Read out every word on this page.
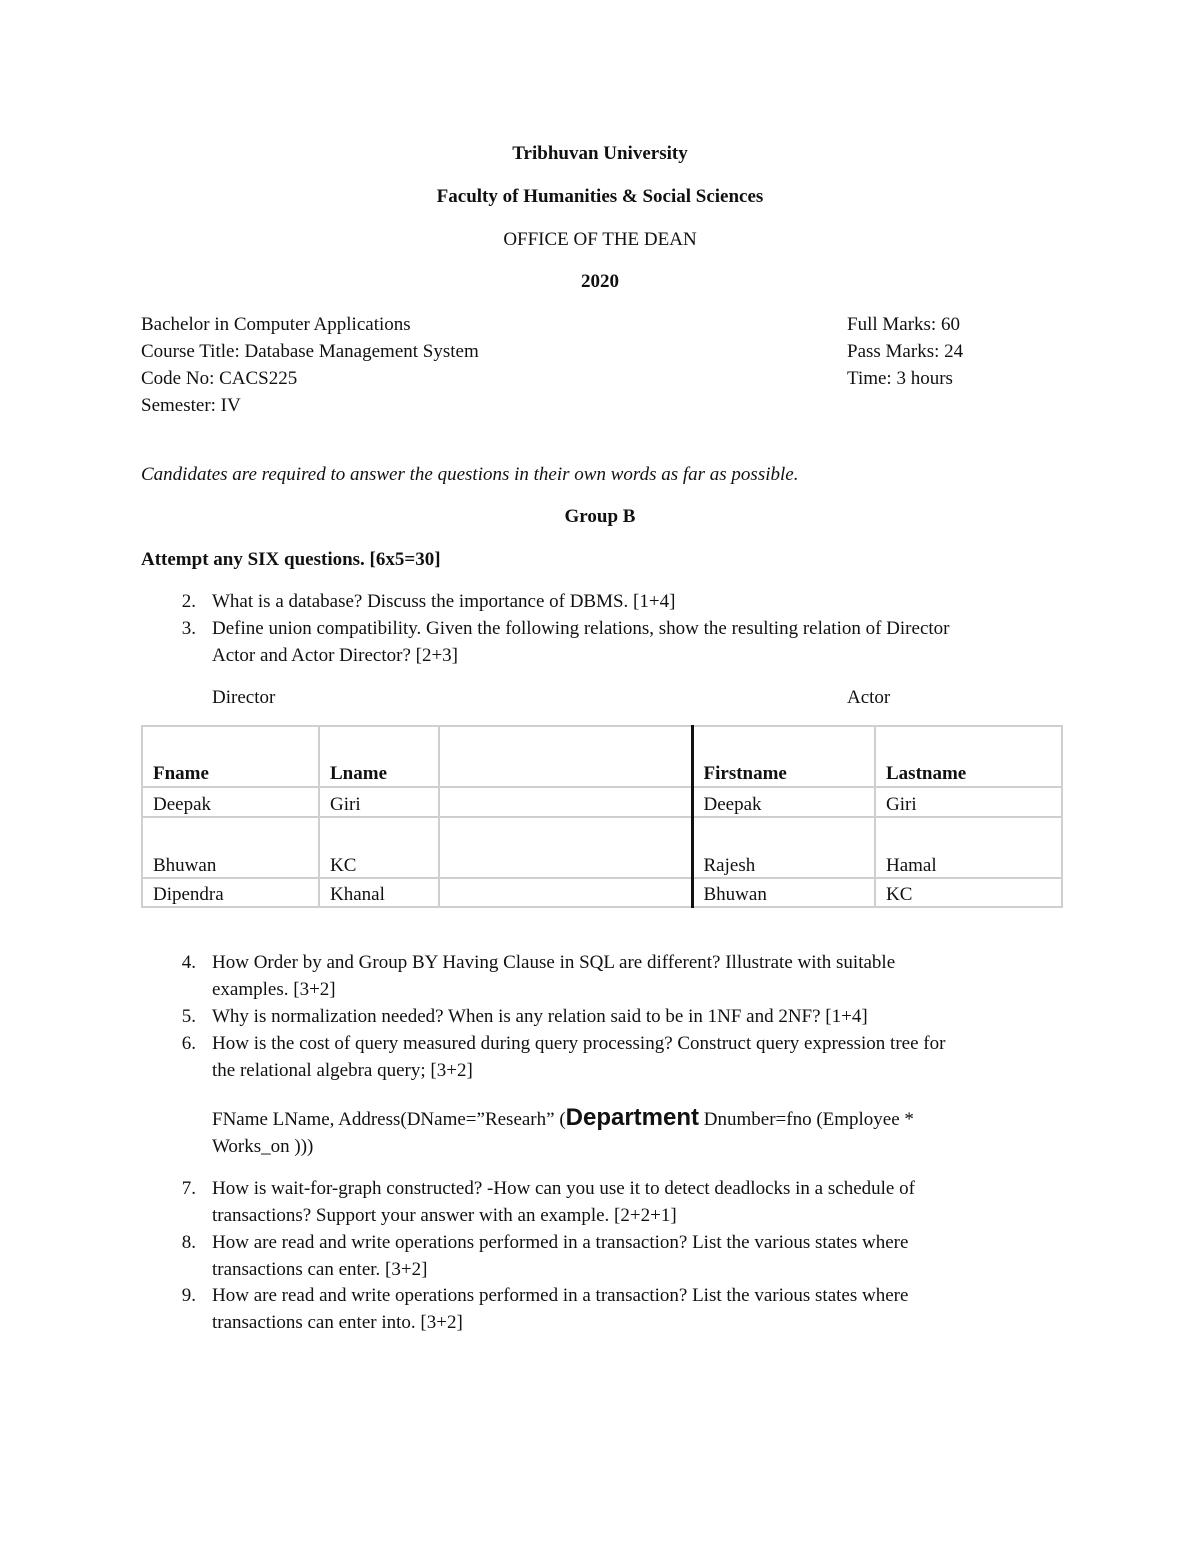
Tribhuvan University
Faculty of Humanities & Social Sciences
OFFICE OF THE DEAN
2020
Bachelor in Computer Applications
Course Title: Database Management System
Code No: CACS225
Semester: IV
Full Marks: 60
Pass Marks: 24
Time: 3 hours
Candidates are required to answer the questions in their own words as far as possible.
Group B
Attempt any SIX questions. [6x5=30]
2. What is a database? Discuss the importance of DBMS. [1+4]
3. Define union compatibility. Given the following relations, show the resulting relation of Director
Actor and Actor Director? [2+3]
Director	Actor
Fname	Lname		Firstname	Lastname
Deepak	Giri		Deepak	Giri
Bhuwan	KC		Rajesh	Hamal
Dipendra	Khanal		Bhuwan	KC
4. How Order by and Group BY Having Clause in SQL are different? Illustrate with suitable
examples. [3+2]
5. Why is normalization needed? When is any relation said to be in 1NF and 2NF? [1+4]
6. How is the cost of query measured during query processing? Construct query expression tree for
the relational algebra query; [3+2]
FName LName, Address(DName=”Researh” (Department Dnumber=fno (Employee *
Works_on )))
7. How is wait-for-graph constructed? -How can you use it to detect deadlocks in a schedule of
transactions? Support your answer with an example. [2+2+1]
8. How are read and write operations performed in a transaction? List the various states where
transactions can enter. [3+2]
9. How are read and write operations performed in a transaction? List the various states where
transactions can enter into. [3+2]
